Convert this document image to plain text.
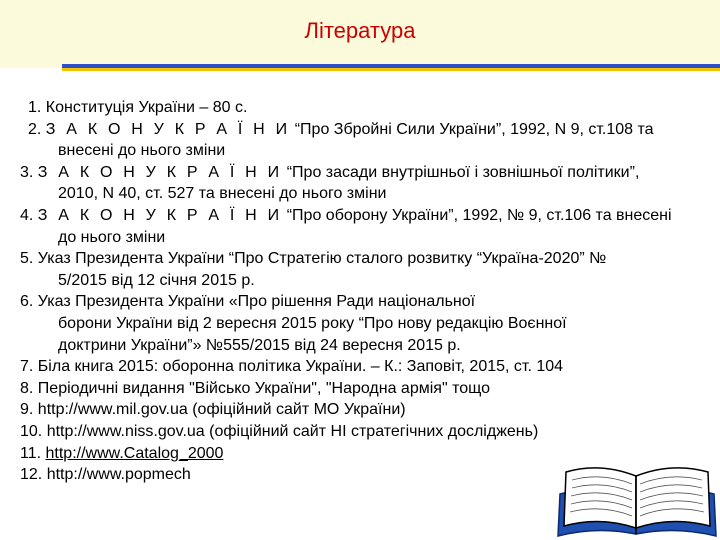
Література
1. Конституція України – 80 с.
2. З А К О Н У К Р А Ї Н И “Про Збройні Сили України”, 1992, N 9, ст.108 та
внесені до нього зміни
3. З А К О Н У К Р А Ї Н И “Про засади внутрішньої і зовнішньої політики”,
2010, N 40, ст. 527 та внесені до нього зміни
4. З А К О Н У К Р А Ї Н И “Про оборону України”, 1992, № 9, ст.106 та внесені
до нього зміни
5. Указ Президента України “Про Стратегію сталого розвитку “Україна-2020” №
5/2015 від 12 січня 2015 р.
6. Указ Президента України «Про рішення Ради національної
борони України від 2 вересня 2015 року “Про нову редакцію Воєнної
доктрини України”» №555/2015 від 24 вересня 2015 р.
7. Біла книга 2015: оборонна політика України. – К.: Заповіт, 2015, ст. 104
8. Періодичні видання "Військо України", "Народна армія" тощо
9. http://www.mil.gov.ua (офіційний сайт МО України)
10. http://www.niss.gov.ua (офіційний сайт НІ стратегічних досліджень)
11. http://www.Catalog_2000
12. http://www.popmech
